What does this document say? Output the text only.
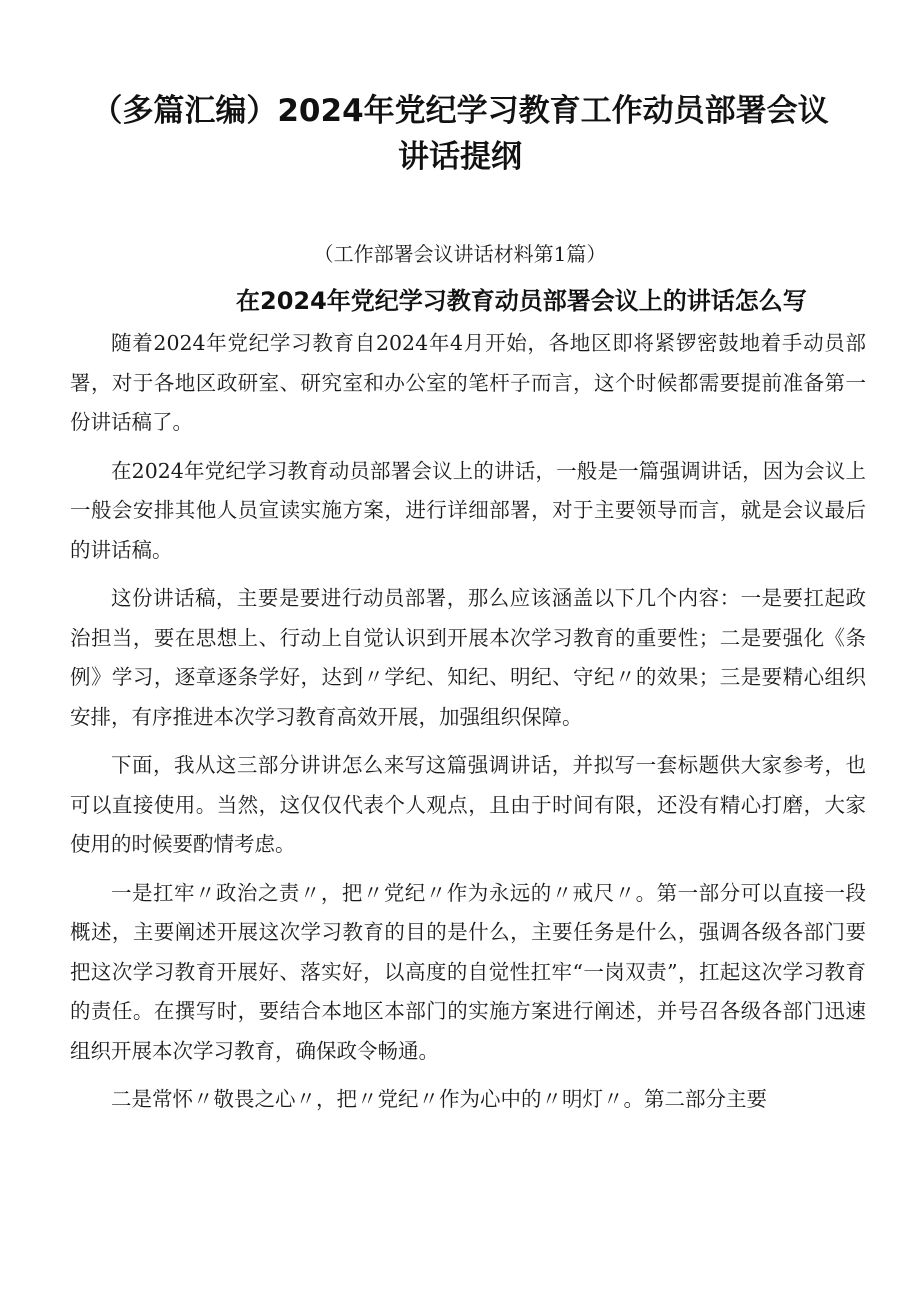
（多篇汇编）2024年党纪学习教育工作动员部署会议
讲话提纲
（工作部署会议讲话材料第1篇）
在2024年党纪学习教育动员部署会议上的讲话怎么写

随着2024年党纪学习教育自2024年4月开始，各地区即将紧锣密鼓地着手动员部署，对于各地区政研室、研究室和办公室的笔杆子而言，这个时候都需要提前准备第一份讲话稿了。

在2024年党纪学习教育动员部署会议上的讲话，一般是一篇强调讲话，因为会议上一般会安排其他人员宣读实施方案，进行详细部署，对于主要领导而言，就是会议最后的讲话稿。

这份讲话稿，主要是要进行动员部署，那么应该涵盖以下几个内容：一是要扛起政治担当，要在思想上、行动上自觉认识到开展本次学习教育的重要性；二是要强化《条例》学习，逐章逐条学好，达到〃学纪、知纪、明纪、守纪〃的效果；三是要精心组织安排，有序推进本次学习教育高效开展，加强组织保障。

下面，我从这三部分讲讲怎么来写这篇强调讲话，并拟写一套标题供大家参考，也可以直接使用。当然，这仅仅代表个人观点，且由于时间有限，还没有精心打磨，大家使用的时候要酌情考虑。

一是扛牢〃政治之责〃，把〃党纪〃作为永远的〃戒尺〃。第一部分可以直接一段概述，主要阐述开展这次学习教育的目的是什么，主要任务是什么，强调各级各部门要把这次学习教育开展好、落实好，以高度的自觉性扛牢“一岗双责”，扛起这次学习教育的责任。在撰写时，要结合本地区本部门的实施方案进行阐述，并号召各级各部门迅速组织开展本次学习教育，确保政令畅通。

二是常怀〃敬畏之心〃，把〃党纪〃作为心中的〃明灯〃。第二部分主要
